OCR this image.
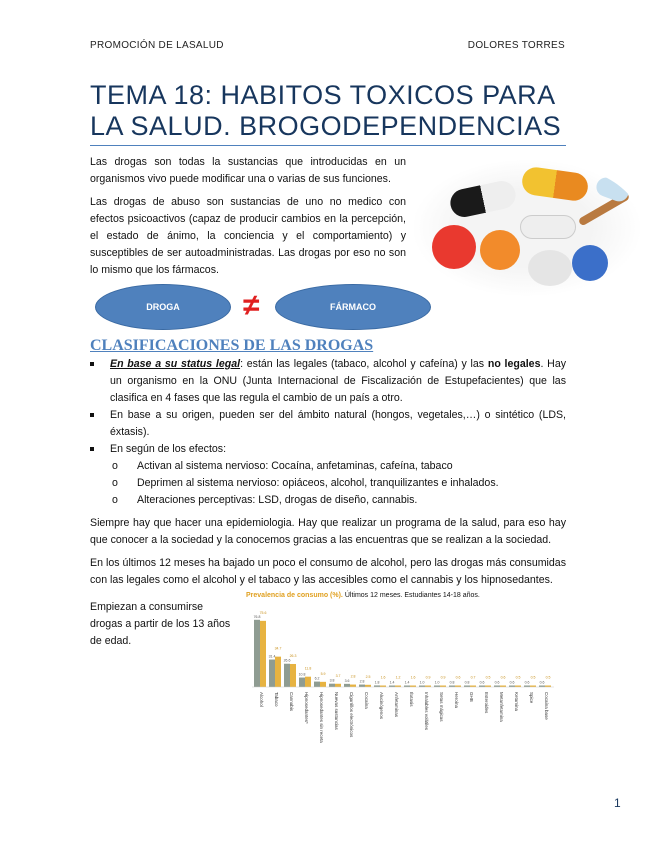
PROMOCIÓN DE LASALUD	DOLORES TORRES
TEMA 18: HABITOS TOXICOS PARA LA SALUD. BROGODEPENDENCIAS
Las drogas son todas la sustancias que introducidas en un organismos vivo puede modificar una o varias de sus funciones.
Las drogas de abuso son sustancias de uno no medico con efectos psicoactivos (capaz de producir cambios en la percepción, el estado de ánimo, la conciencia y el comportamiento) y susceptibles de ser autoadministradas. Las drogas por eso no son lo mismo que los fármacos.
DROGA	≠	FÁRMACO
CLASIFICACIONES DE LAS DROGAS
En base a su status legal: están las legales (tabaco, alcohol y cafeína) y las no legales. Hay un organismo en la ONU (Junta Internacional de Fiscalización de Estupefacientes) que las clasifica en 4 fases que las regula el cambio de un país a otro.
En base a su origen, pueden ser del ámbito natural (hongos, vegetales,…) o sintético (LDS, éxtasis).
En según de los efectos:
o Activan al sistema nervioso: Cocaína, anfetaminas, cafeína, tabaco
o Deprimen al sistema nervioso: opiáceos, alcohol, tranquilizantes e inhalados.
o Alteraciones perceptivas: LSD, drogas de diseño, cannabis.
Siempre hay que hacer una epidemiologia. Hay que realizar un programa de la salud, para eso hay que conocer a la sociedad y la conocemos gracias a las encuentras que se realizan a la sociedad.
En los últimos 12 meses ha bajado un poco el consumo de alcohol, pero las drogas más consumidas con las legales como el alcohol y el tabaco y las accesibles como el cannabis y los hipnosedantes.
Empiezan a consumirse drogas a partir de los 13 años de edad.
Prevalencia de consumo (%). Últimos 12 meses. Estudiantes 14-18 años.
76.8
75.6
Alcohol
31.4
34.7
Tabaco
26.6
26.3
Cannabis
10.8
11.8
Hipnosedantes*
6.2
5.9
Hipnosedantes sin receta
3.8
3.7
Nuevas sustancias
3.6
2.8
Cigarrillos electrónicos
2.8
2.5
Cocaína
1.8
1.6
Alucinógenos
1.4
1.2
Anfetaminas
1.4
1.6
Éxtasis
1.0
0.9
Inhalables volátiles
1.0
0.9
Setas mágicas
0.8
0.6
Heroína
0.8
0.7
GHB
0.6
0.5
Esteroides
0.6
0.6
Metanfetamina
0.6
0.5
Ketamina
0.6
0.5
Spice
0.6
0.5
Cocaína base
1
